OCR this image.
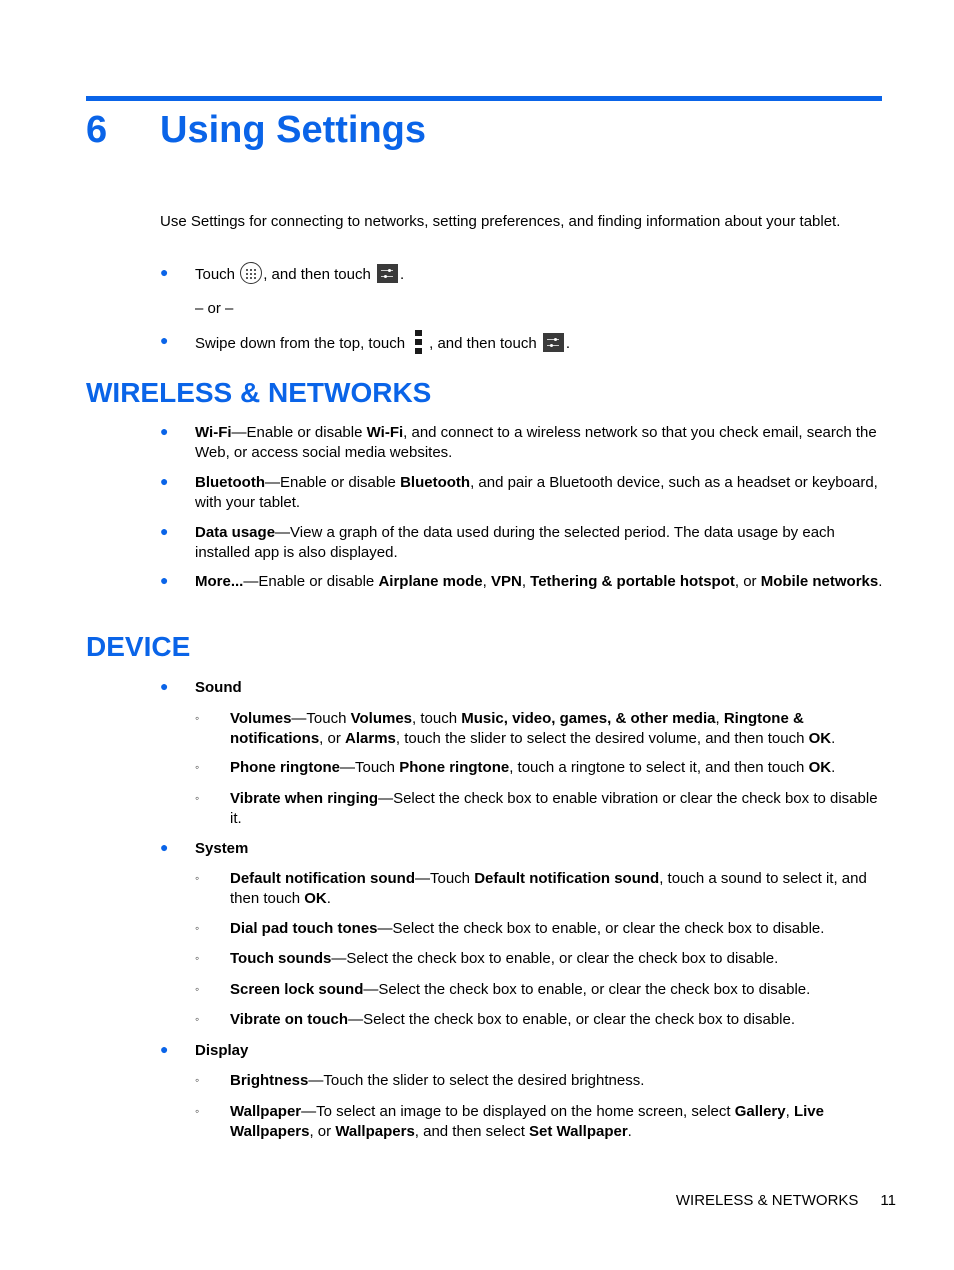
6 Using Settings
Use Settings for connecting to networks, setting preferences, and finding information about your tablet.
●	Touch , and then touch .
– or –
●	Swipe down from the top, touch , and then touch .
WIRELESS & NETWORKS
●	Wi-Fi—Enable or disable Wi-Fi, and connect to a wireless network so that you check email, search the Web, or access social media websites.
●	Bluetooth—Enable or disable Bluetooth, and pair a Bluetooth device, such as a headset or keyboard, with your tablet.
●	Data usage—View a graph of the data used during the selected period. The data usage by each installed app is also displayed.
●	More...—Enable or disable Airplane mode, VPN, Tethering & portable hotspot, or Mobile networks.
DEVICE
●	Sound
◦	Volumes—Touch Volumes, touch Music, video, games, & other media, Ringtone & notifications, or Alarms, touch the slider to select the desired volume, and then touch OK.
◦	Phone ringtone—Touch Phone ringtone, touch a ringtone to select it, and then touch OK.
◦	Vibrate when ringing—Select the check box to enable vibration or clear the check box to disable it.
●	System
◦	Default notification sound—Touch Default notification sound, touch a sound to select it, and then touch OK.
◦	Dial pad touch tones—Select the check box to enable, or clear the check box to disable.
◦	Touch sounds—Select the check box to enable, or clear the check box to disable.
◦	Screen lock sound—Select the check box to enable, or clear the check box to disable.
◦	Vibrate on touch—Select the check box to enable, or clear the check box to disable.
●	Display
◦	Brightness—Touch the slider to select the desired brightness.
◦	Wallpaper—To select an image to be displayed on the home screen, select Gallery, Live Wallpapers, or Wallpapers, and then select Set Wallpaper.
WIRELESS & NETWORKS 11
